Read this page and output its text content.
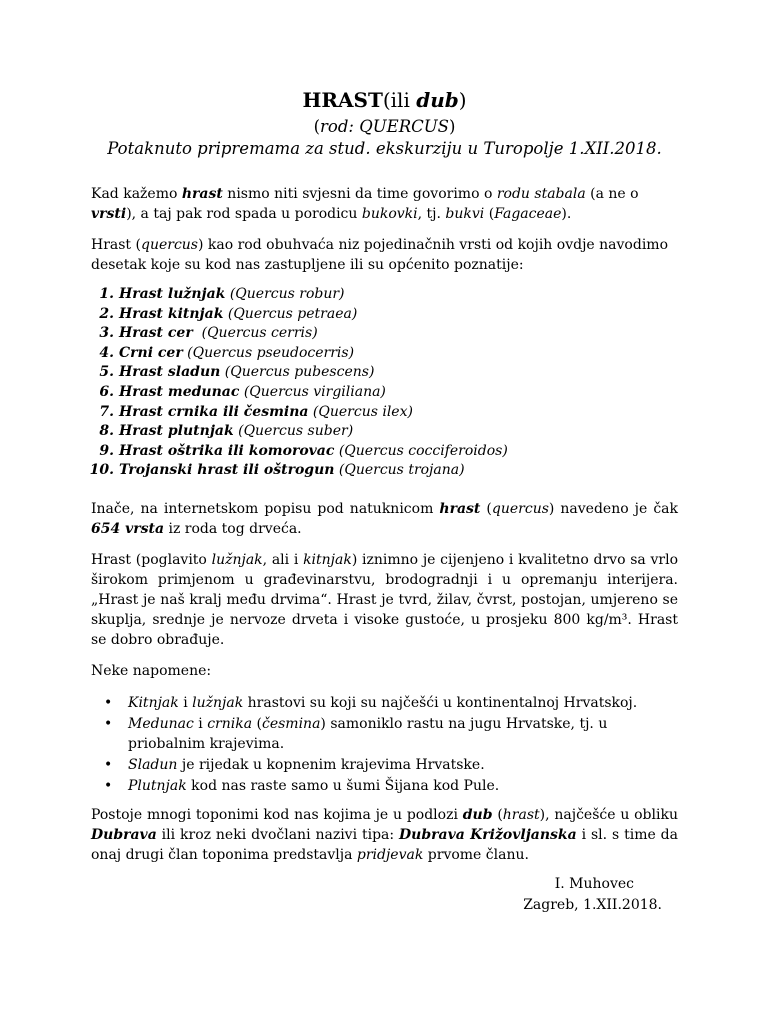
HRAST(ili dub)
(rod: QUERCUS)
Potaknuto pripremama za stud. ekskurziju u Turopolje 1.XII.2018.

Kad kažemo hrast nismo niti svjesni da time govorimo o rodu stabala (a ne o vrsti), a taj pak rod spada u porodicu bukovki, tj. bukvi (Fagaceae).

Hrast (quercus) kao rod obuhvaća niz pojedinačnih vrsti od kojih ovdje navodimo desetak koje su kod nas zastupljene ili su općenito poznatije:

1. Hrast lužnjak (Quercus robur)
2. Hrast kitnjak (Quercus petraea)
3. Hrast cer  (Quercus cerris)
4. Crni cer (Quercus pseudocerris)
5. Hrast sladun (Quercus pubescens)
6. Hrast medunac (Quercus virgiliana)
7. Hrast crnika ili česmina (Quercus ilex)
8. Hrast plutnjak (Quercus suber)
9. Hrast oštrika ili komorovac (Quercus cocciferoidos)
10. Trojanski hrast ili oštrogun (Quercus trojana)

Inače, na internetskom popisu pod natuknicom hrast (quercus) navedeno je čak 654 vrsta iz roda tog drveća.

Hrast (poglavito lužnjak, ali i kitnjak) iznimno je cijenjeno i kvalitetno drvo sa vrlo širokom primjenom u građevinarstvu, brodogradnji i u opremanju interijera. „Hrast je naš kralj među drvima“. Hrast je tvrd, žilav, čvrst, postojan, umjereno se skuplja, srednje je nervoze drveta i visoke gustoće, u prosjeku 800 kg/m³. Hrast se dobro obrađuje.

Neke napomene:

• Kitnjak i lužnjak hrastovi su koji su najčešći u kontinentalnoj Hrvatskoj.
• Medunac i crnika (česmina) samoniklo rastu na jugu Hrvatske, tj. u priobalnim krajevima.
• Sladun je rijedak u kopnenim krajevima Hrvatske.
• Plutnjak kod nas raste samo u šumi Šijana kod Pule.

Postoje mnogi toponimi kod nas kojima je u podlozi dub (hrast), najčešće u obliku Dubrava ili kroz neki dvočlani nazivi tipa: Dubrava Križovljanska i sl. s time da onaj drugi član toponima predstavlja pridjevak prvome članu.

I. Muhovec
Zagreb, 1.XII.2018.
